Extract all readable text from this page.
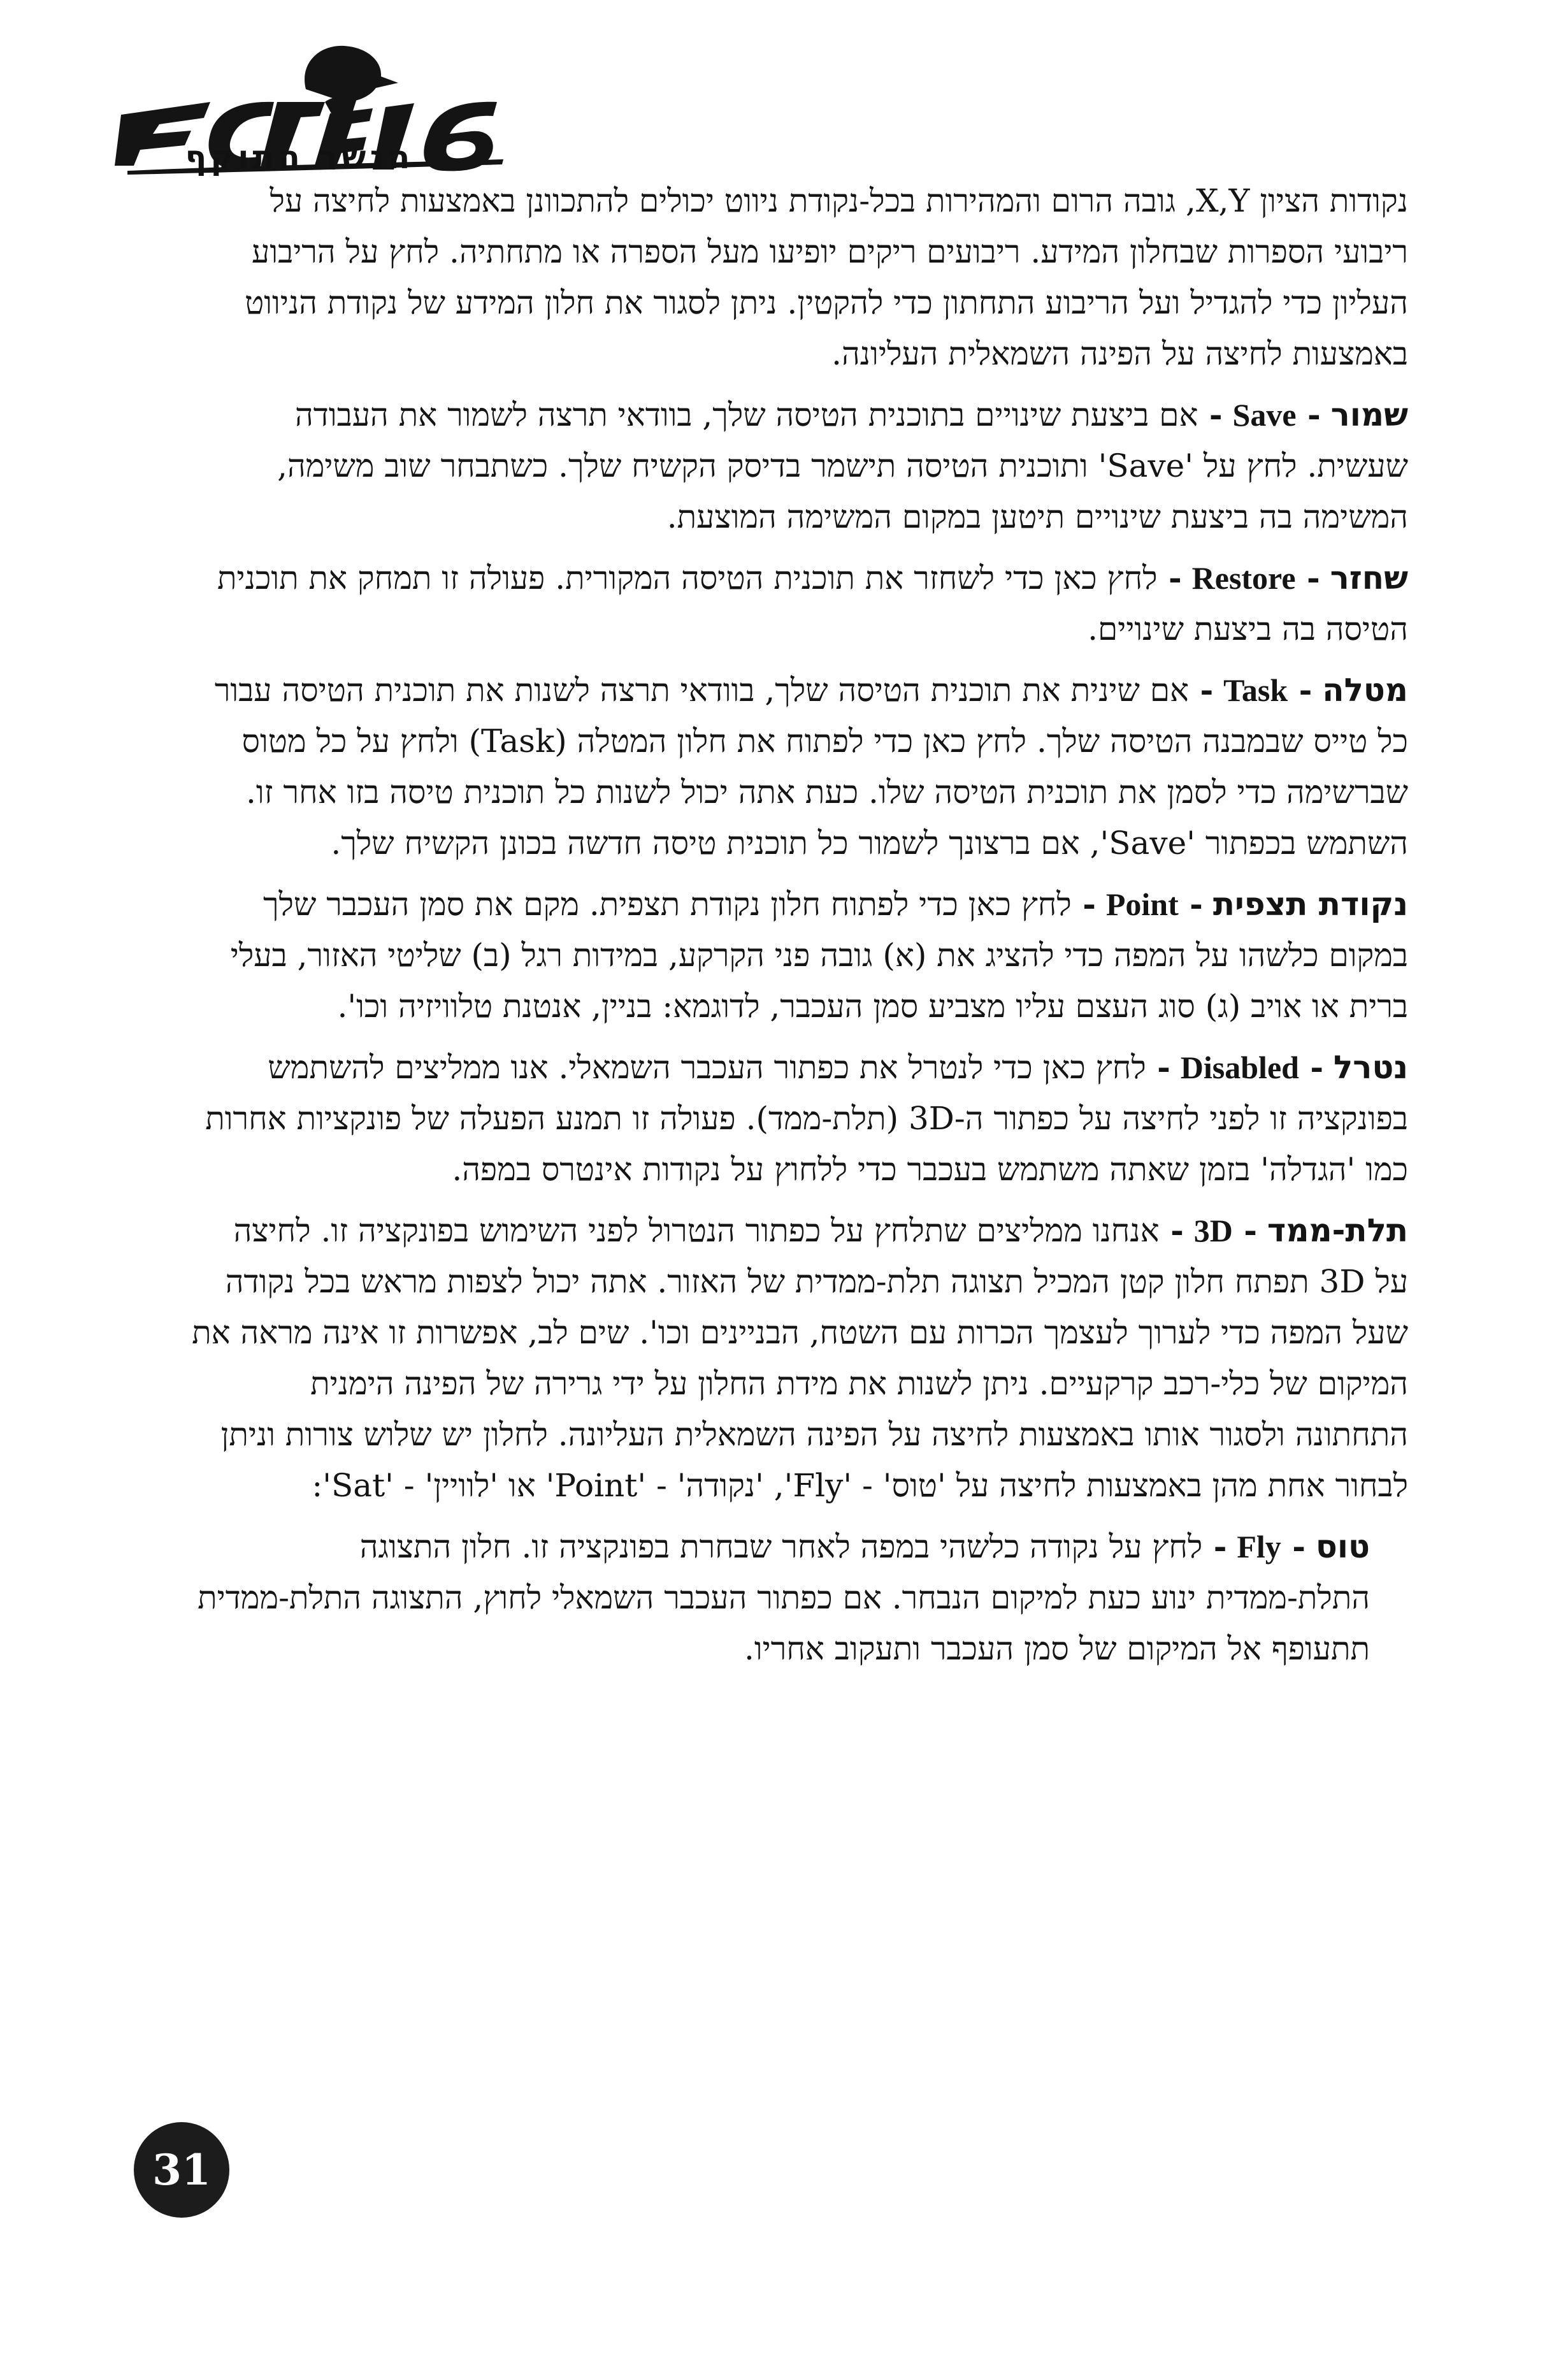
הנשר התוקף

נקודות הציון X,Y, גובה הרום והמהירות בכל-נקודת ניווט יכולים להתכוונן באמצעות לחיצה על ריבועי הספרות שבחלון המידע. ריבועים ריקים יופיעו מעל הספרה או מתחתיה. לחץ על הריבוע העליון כדי להגדיל ועל הריבוע התחתון כדי להקטין. ניתן לסגור את חלון המידע של נקודת הניווט באמצעות לחיצה על הפינה השמאלית העליונה.

שמור - Save - אם ביצעת שינויים בתוכנית הטיסה שלך, בוודאי תרצה לשמור את העבודה שעשית. לחץ על 'Save' ותוכנית הטיסה תישמר בדיסק הקשיח שלך. כשתבחר שוב משימה, המשימה בה ביצעת שינויים תיטען במקום המשימה המוצעת.

שחזר - Restore - לחץ כאן כדי לשחזר את תוכנית הטיסה המקורית. פעולה זו תמחק את תוכנית הטיסה בה ביצעת שינויים.

מטלה - Task - אם שינית את תוכנית הטיסה שלך, בוודאי תרצה לשנות את תוכנית הטיסה עבור כל טייס שבמבנה הטיסה שלך. לחץ כאן כדי לפתוח את חלון המטלה (Task) ולחץ על כל מטוס שברשימה כדי לסמן את תוכנית הטיסה שלו. כעת אתה יכול לשנות כל תוכנית טיסה בזו אחר זו. השתמש בכפתור 'Save', אם ברצונך לשמור כל תוכנית טיסה חדשה בכונן הקשיח שלך.

נקודת תצפית - Point - לחץ כאן כדי לפתוח חלון נקודת תצפית. מקם את סמן העכבר שלך במקום כלשהו על המפה כדי להציג את (א) גובה פני הקרקע, במידות רגל (ב) שליטי האזור, בעלי ברית או אויב (ג) סוג העצם עליו מצביע סמן העכבר, לדוגמא: בניין, אנטנת טלוויזיה וכו'.

נטרל - Disabled - לחץ כאן כדי לנטרל את כפתור העכבר השמאלי. אנו ממליצים להשתמש בפונקציה זו לפני לחיצה על כפתור ה-3D (תלת-ממד). פעולה זו תמנע הפעלה של פונקציות אחרות כמו 'הגדלה' בזמן שאתה משתמש בעכבר כדי ללחוץ על נקודות אינטרס במפה.

תלת-ממד - 3D - אנחנו ממליצים שתלחץ על כפתור הנטרול לפני השימוש בפונקציה זו. לחיצה על 3D תפתח חלון קטן המכיל תצוגה תלת-ממדית של האזור. אתה יכול לצפות מראש בכל נקודה שעל המפה כדי לערוך לעצמך הכרות עם השטח, הבניינים וכו'. שים לב, אפשרות זו אינה מראה את המיקום של כלי-רכב קרקעיים. ניתן לשנות את מידת החלון על ידי גרירה של הפינה הימנית התחתונה ולסגור אותו באמצעות לחיצה על הפינה השמאלית העליונה. לחלון יש שלוש צורות וניתן לבחור אחת מהן באמצעות לחיצה על 'טוס' - 'Fly', 'נקודה' - 'Point' או 'לוויין' - 'Sat':

טוס - Fly - לחץ על נקודה כלשהי במפה לאחר שבחרת בפונקציה זו. חלון התצוגה התלת-ממדית ינוע כעת למיקום הנבחר. אם כפתור העכבר השמאלי לחוץ, התצוגה התלת-ממדית תתעופף אל המיקום של סמן העכבר ותעקוב אחריו.

31
